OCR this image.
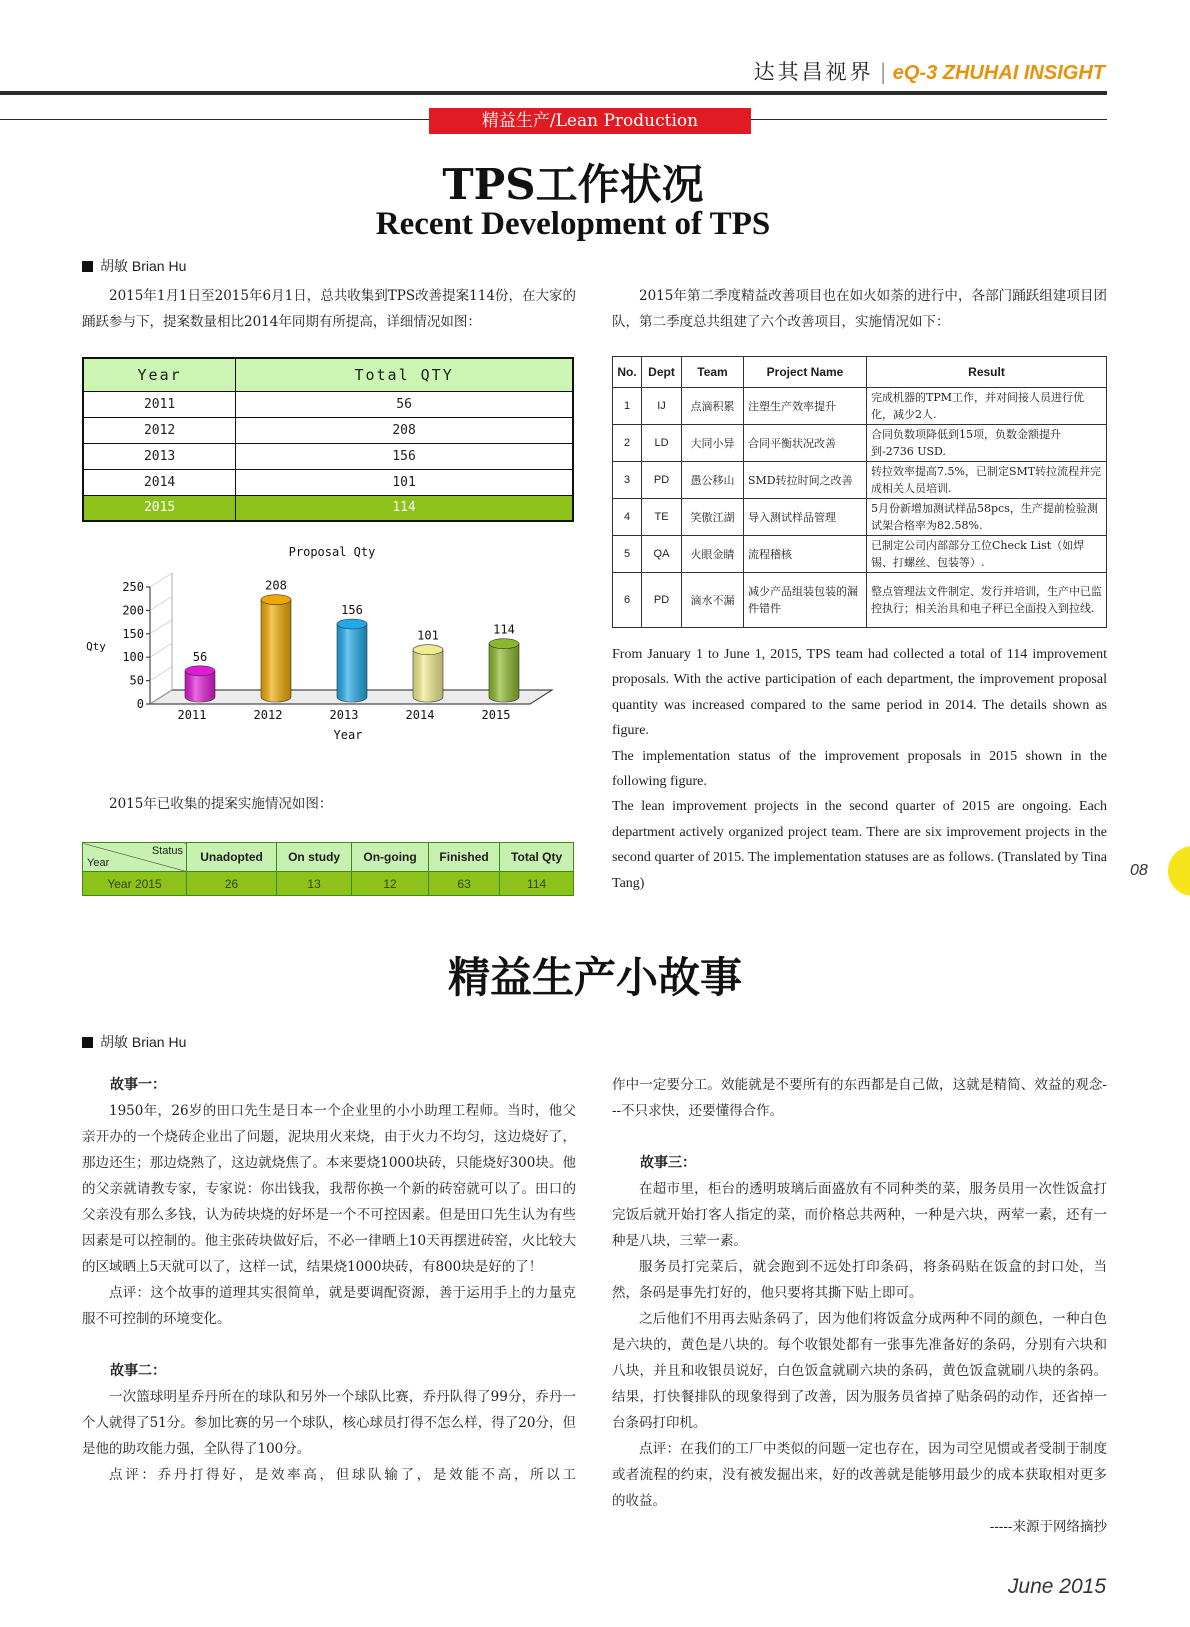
达其昌视界 | eQ-3 ZHUHAI INSIGHT
精益生产/Lean Production
TPS工作状况
Recent Development of TPS
胡敏 Brian Hu
2015年1月1日至2015年6月1日，总共收集到TPS改善提案114份，在大家的踊跃参与下，提案数量相比2014年同期有所提高，详细情况如图：
Year	Total QTY
2011	56
2012	208
2013	156
2014	101
2015	114
Proposal Qty
Qty
Year
0
50
100
150
200
250
56
2011
208
2012
156
2013
101
2014
114
2015
2015年已收集的提案实施情况如图：
Status
Year	Unadopted	On study	On-going	Finished	Total Qty
Year 2015	26	13	12	63	114
2015年第二季度精益改善项目也在如火如荼的进行中，各部门踊跃组建项目团队，第二季度总共组建了六个改善项目，实施情况如下：
No.	Dept	Team	Project Name	Result
1	IJ	点滴积累	注塑生产效率提升	完成机器的TPM工作，并对间接人员进行优化，减少2人.
2	LD	大同小异	合同平衡状况改善	合同负数项降低到15项，负数金额提升到-2736 USD.
3	PD	愚公移山	SMD转拉时间之改善	转拉效率提高7.5%，已制定SMT转拉流程并完成相关人员培训.
4	TE	笑傲江湖	导入测试样品管理	5月份新增加测试样品58pcs，生产提前检验测试架合格率为82.58%.
5	QA	火眼金睛	流程稽核	已制定公司内部部分工位Check List（如焊锡、打螺丝、包装等）.
6	PD	滴水不漏	减少产品组装包装的漏件错件	整点管理法文件制定、发行并培训，生产中已监控执行；相关治具和电子秤已全面投入到拉线.

From January 1 to June 1, 2015, TPS team had collected a total of 114 improvement proposals. With the active participation of each department, the improvement proposal quantity was increased compared to the same period in 2014. The details shown as figure.

The implementation status of the improvement proposals in 2015 shown in the following figure.

The lean improvement projects in the second quarter of 2015 are ongoing. Each department actively organized project team. There are six improvement projects in the second quarter of 2015. The implementation statuses are as follows. (Translated by Tina Tang)

08
精益生产小故事
胡敏 Brian Hu
故事一：

1950年，26岁的田口先生是日本一个企业里的小小助理工程师。当时，他父亲开办的一个烧砖企业出了问题，泥块用火来烧，由于火力不均匀，这边烧好了，那边还生；那边烧熟了，这边就烧焦了。本来要烧1000块砖，只能烧好300块。他的父亲就请教专家，专家说：你出钱我，我帮你换一个新的砖窑就可以了。田口的父亲没有那么多钱，认为砖块烧的好坏是一个不可控因素。但是田口先生认为有些因素是可以控制的。他主张砖块做好后，不必一律晒上10天再摆进砖窑，火比较大的区域晒上5天就可以了，这样一试，结果烧1000块砖，有800块是好的了！

点评：这个故事的道理其实很简单，就是要调配资源，善于运用手上的力量克服不可控制的环境变化。

故事二：

一次篮球明星乔丹所在的球队和另外一个球队比赛，乔丹队得了99分，乔丹一个人就得了51分。参加比赛的另一个球队，核心球员打得不怎么样，得了20分，但是他的助攻能力强，全队得了100分。

点评：乔丹打得好，是效率高，但球队输了，是效能不高，所以工

作中一定要分工。效能就是不要所有的东西都是自己做，这就是精简、效益的观念---不只求快，还要懂得合作。

故事三：

在超市里，柜台的透明玻璃后面盛放有不同种类的菜，服务员用一次性饭盒打完饭后就开始打客人指定的菜，而价格总共两种，一种是六块，两荤一素，还有一种是八块，三荤一素。

服务员打完菜后，就会跑到不远处打印条码，将条码贴在饭盒的封口处，当然，条码是事先打好的，他只要将其撕下贴上即可。

之后他们不用再去贴条码了，因为他们将饭盒分成两种不同的颜色，一种白色是六块的，黄色是八块的。每个收银处都有一张事先准备好的条码，分别有六块和八块，并且和收银员说好，白色饭盒就刷六块的条码，黄色饭盒就刷八块的条码。结果，打快餐排队的现象得到了改善，因为服务员省掉了贴条码的动作，还省掉一台条码打印机。

点评：在我们的工厂中类似的问题一定也存在，因为司空见惯或者受制于制度或者流程的约束，没有被发掘出来，好的改善就是能够用最少的成本获取相对更多的收益。

-----来源于网络摘抄

June 2015
